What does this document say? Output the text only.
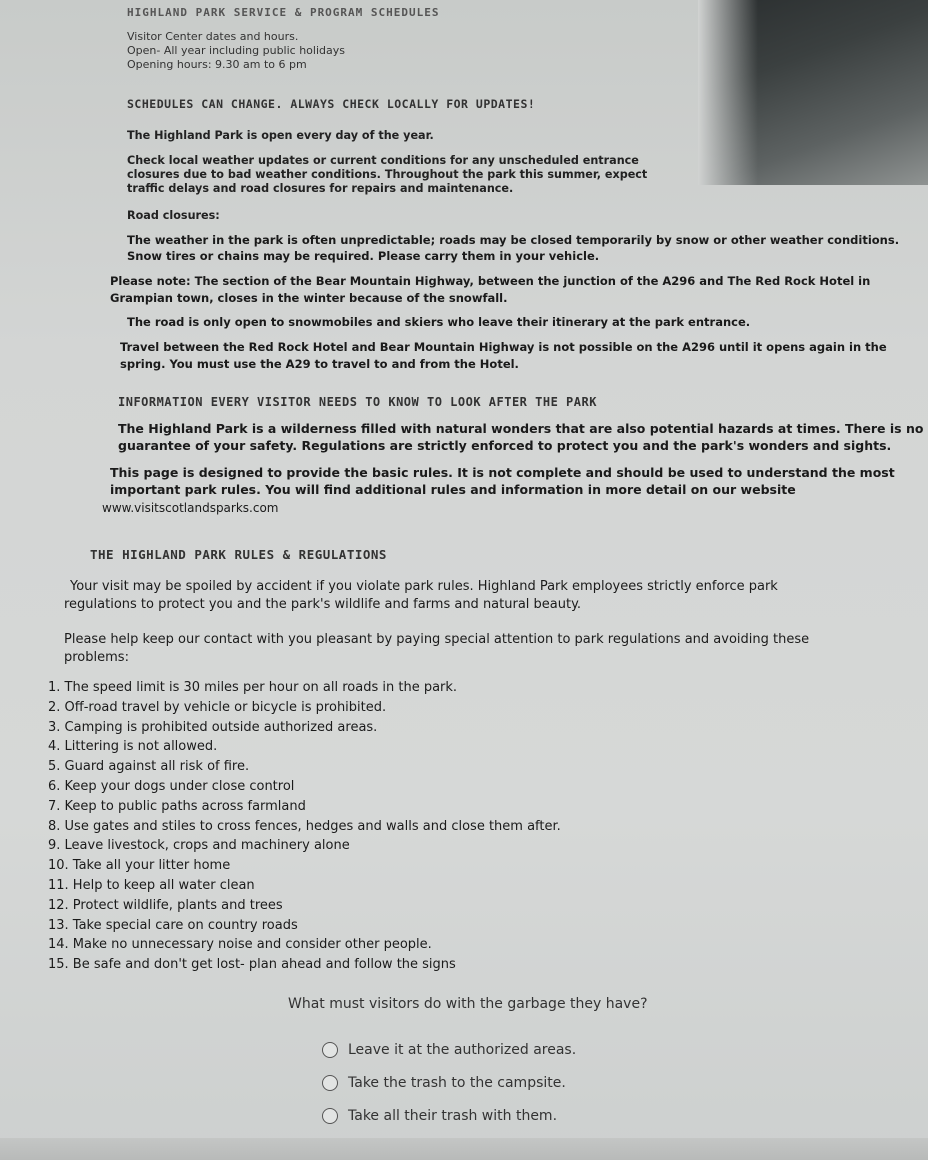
HIGHLAND PARK SERVICE & PROGRAM SCHEDULES

Visitor Center dates and hours.

Open- All year including public holidays

Opening hours: 9.30 am to 6 pm

SCHEDULES CAN CHANGE. ALWAYS CHECK LOCALLY FOR UPDATES!

The Highland Park is open every day of the year.

Check local weather updates or current conditions for any unscheduled entrance

closures due to bad weather conditions. Throughout the park this summer, expect

traffic delays and road closures for repairs and maintenance.

Road closures:

The weather in the park is often unpredictable; roads may be closed temporarily by snow or other weather conditions.

Snow tires or chains may be required. Please carry them in your vehicle.

Please note: The section of the Bear Mountain Highway, between the junction of the A296 and The Red Rock Hotel in

Grampian town, closes in the winter because of the snowfall.

The road is only open to snowmobiles and skiers who leave their itinerary at the park entrance.

Travel between the Red Rock Hotel and Bear Mountain Highway is not possible on the A296 until it opens again in the

spring. You must use the A29 to travel to and from the Hotel.

INFORMATION EVERY VISITOR NEEDS TO KNOW TO LOOK AFTER THE PARK

The Highland Park is a wilderness filled with natural wonders that are also potential hazards at times. There is no

guarantee of your safety. Regulations are strictly enforced to protect you and the park's wonders and sights.

This page is designed to provide the basic rules. It is not complete and should be used to understand the most

important park rules. You will find additional rules and information in more detail on our website

www.visitscotlandsparks.com

THE HIGHLAND PARK RULES & REGULATIONS

Your visit may be spoiled by accident if you violate park rules. Highland Park employees strictly enforce park

regulations to protect you and the park's wildlife and farms and natural beauty.

Please help keep our contact with you pleasant by paying special attention to park regulations and avoiding these

problems:

1. The speed limit is 30 miles per hour on all roads in the park.
2. Off-road travel by vehicle or bicycle is prohibited.
3. Camping is prohibited outside authorized areas.
4. Littering is not allowed.
5. Guard against all risk of fire.
6. Keep your dogs under close control
7. Keep to public paths across farmland
8. Use gates and stiles to cross fences, hedges and walls and close them after.
9. Leave livestock, crops and machinery alone
10. Take all your litter home
11. Help to keep all water clean
12. Protect wildlife, plants and trees
13. Take special care on country roads
14. Make no unnecessary noise and consider other people.
15. Be safe and don't get lost- plan ahead and follow the signs

What must visitors do with the garbage they have?

Leave it at the authorized areas.
Take the trash to the campsite.
Take all their trash with them.
